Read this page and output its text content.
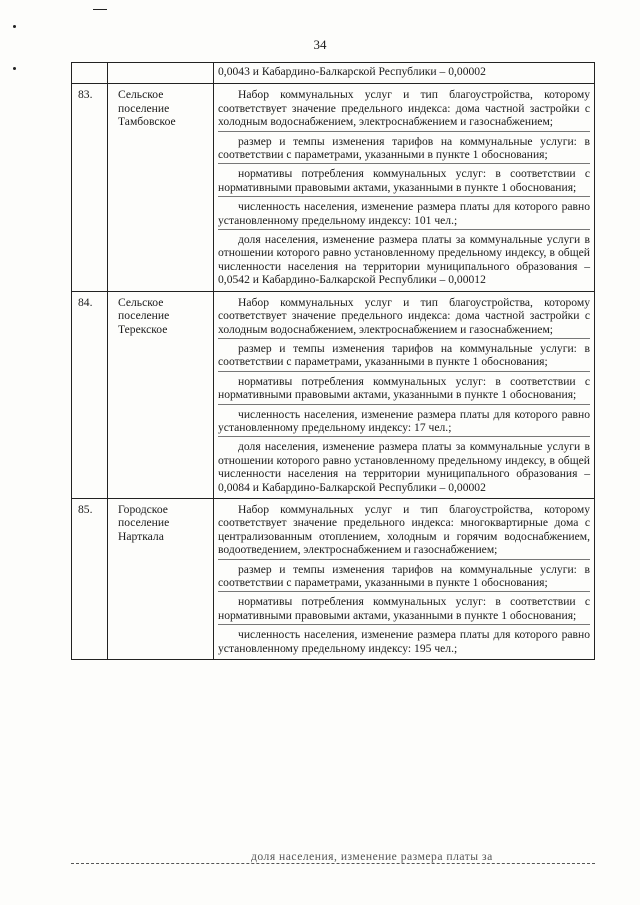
34

		0,0043 и Кабардино-Балкарской Республики – 0,00002

83.	Сельское поселение Тамбовское	Набор коммунальных услуг и тип благоустройства, которому соответствует значение предельного индекса: дома частной застройки с холодным водоснабжением, электроснабжением и газоснабжением;
размер и темпы изменения тарифов на коммунальные услуги: в соответствии с параметрами, указанными в пункте 1 обоснования;
нормативы потребления коммунальных услуг: в соответствии с нормативными правовыми актами, указанными в пункте 1 обоснования;
численность населения, изменение размера платы для которого равно установленному предельному индексу: 101 чел.;
доля населения, изменение размера платы за коммунальные услуги в отношении которого равно установленному предельному индексу, в общей численности населения на территории муниципального образования – 0,0542 и Кабардино-Балкарской Республики – 0,00012

84.	Сельское поселение Терекское	Набор коммунальных услуг и тип благоустройства, которому соответствует значение предельного индекса: дома частной застройки с холодным водоснабжением, электроснабжением и газоснабжением;
размер и темпы изменения тарифов на коммунальные услуги: в соответствии с параметрами, указанными в пункте 1 обоснования;
нормативы потребления коммунальных услуг: в соответствии с нормативными правовыми актами, указанными в пункте 1 обоснования;
численность населения, изменение размера платы для которого равно установленному предельному индексу: 17 чел.;
доля населения, изменение размера платы за коммунальные услуги в отношении которого равно установленному предельному индексу, в общей численности населения на территории муниципального образования – 0,0084 и Кабардино-Балкарской Республики – 0,00002

85.	Городское поселение Нарткала	Набор коммунальных услуг и тип благоустройства, которому соответствует значение предельного индекса: многоквартирные дома с централизованным отоплением, холодным и горячим водоснабжением, водоотведением, электроснабжением и газоснабжением;
размер и темпы изменения тарифов на коммунальные услуги: в соответствии с параметрами, указанными в пункте 1 обоснования;
нормативы потребления коммунальных услуг: в соответствии с нормативными правовыми актами, указанными в пункте 1 обоснования;
численность населения, изменение размера платы для которого равно установленному предельному индексу: 195 чел.;
доля населения, изменение размера платы за
